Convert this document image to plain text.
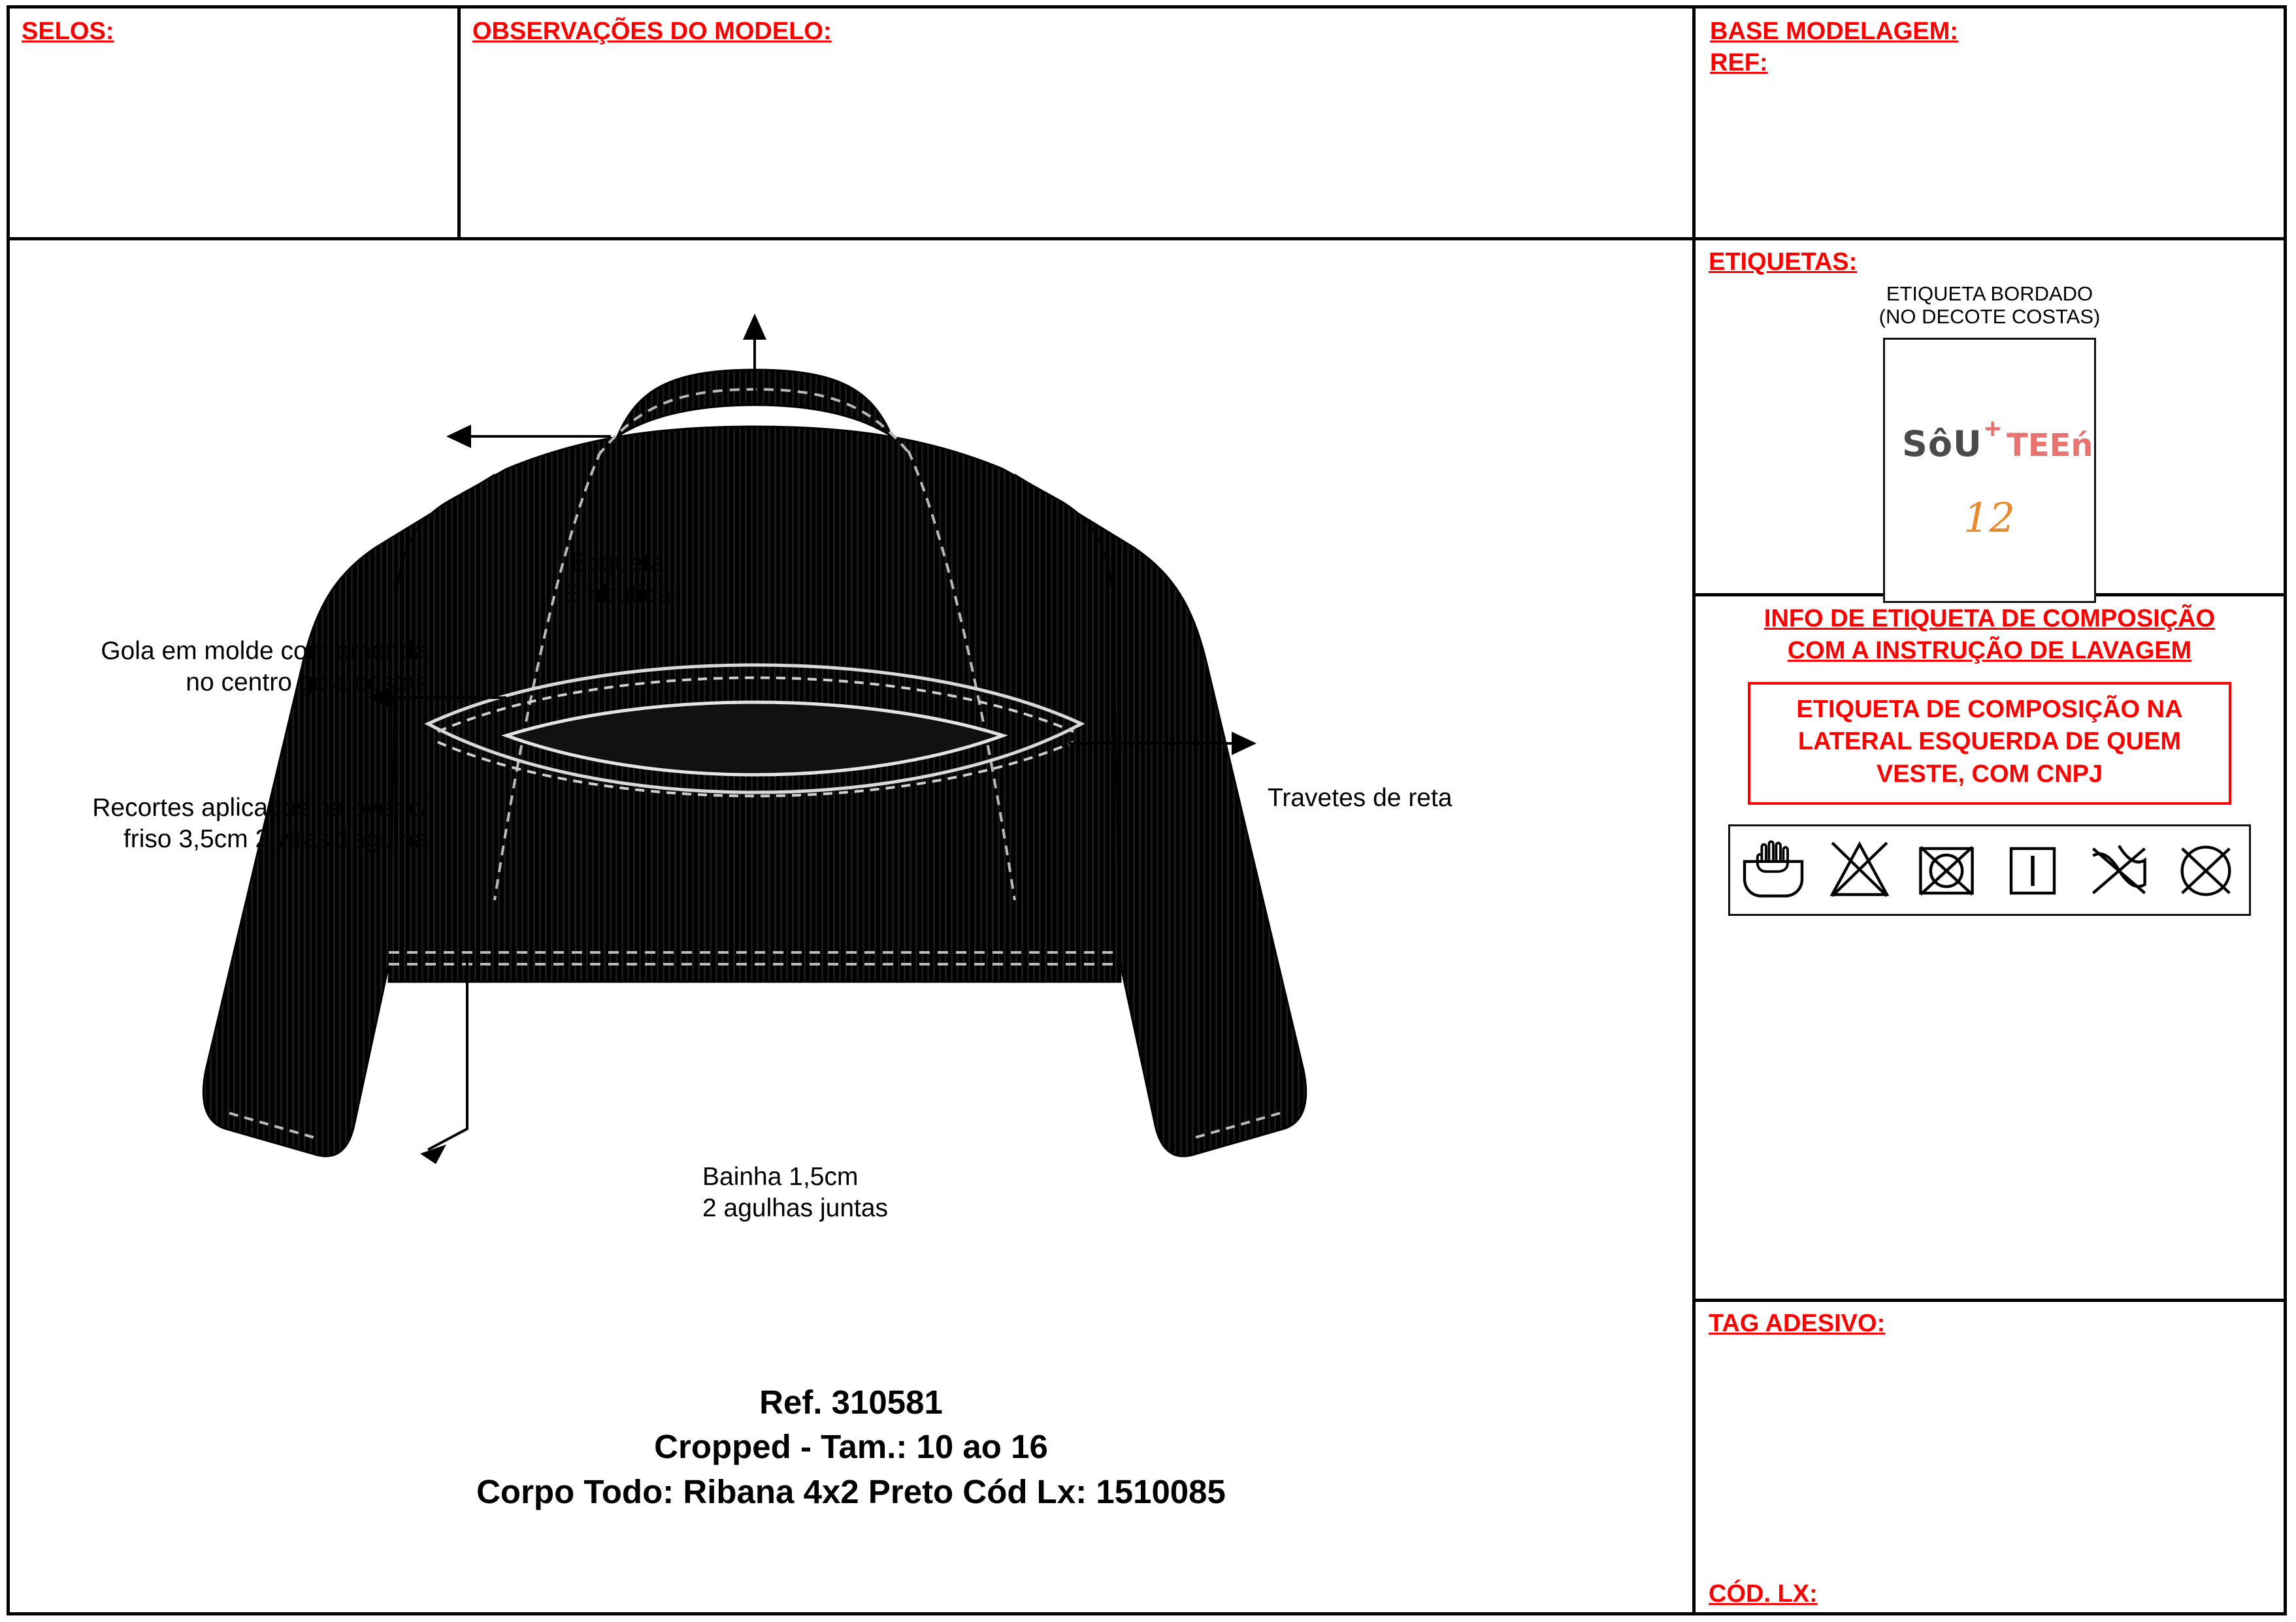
SELOS:	OBSERVAÇÕES DO MODELO:	BASE MODELAGEM:
REF:
Etiqueta
Embutida
Gola em molde com emenda
no centro gola costas
Recortes aplicados na over c/
friso 3,5cm 2 viras 1agulha
Travetes de reta
Bainha 1,5cm
2 agulhas juntas
Ref. 310581
Cropped - Tam.: 10 ao 16
Corpo Todo: Ribana 4x2 Preto Cód Lx: 1510085
ETIQUETAS:
ETIQUETA BORDADO
(NO DECOTE COSTAS)
SôU + TEEń
12
INFO DE ETIQUETA DE COMPOSIÇÃO
COM A INSTRUÇÃO DE LAVAGEM
ETIQUETA DE COMPOSIÇÃO NA
LATERAL ESQUERDA DE QUEM
VESTE, COM CNPJ
TAG ADESIVO:
CÓD. LX:
